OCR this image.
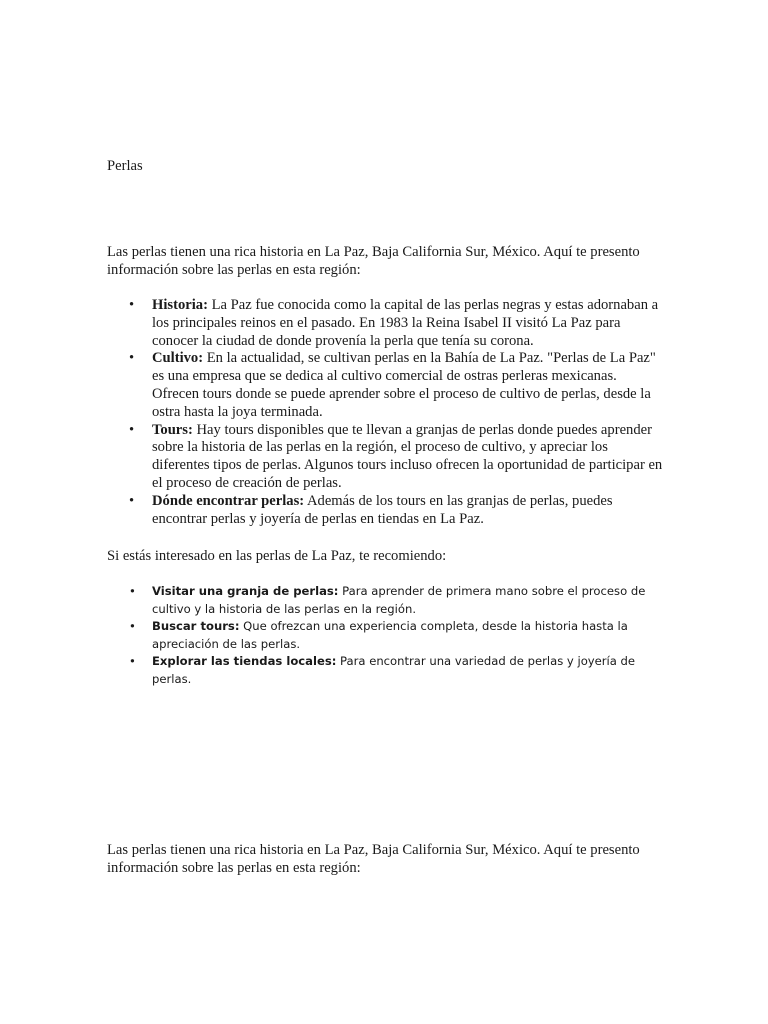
Perlas

Las perlas tienen una rica historia en La Paz, Baja California Sur, México. Aquí te presento información sobre las perlas en esta región:

• Historia: La Paz fue conocida como la capital de las perlas negras y estas adornaban a los principales reinos en el pasado. En 1983 la Reina Isabel II visitó La Paz para conocer la ciudad de donde provenía la perla que tenía su corona.
• Cultivo: En la actualidad, se cultivan perlas en la Bahía de La Paz. "Perlas de La Paz" es una empresa que se dedica al cultivo comercial de ostras perleras mexicanas. Ofrecen tours donde se puede aprender sobre el proceso de cultivo de perlas, desde la ostra hasta la joya terminada.
• Tours: Hay tours disponibles que te llevan a granjas de perlas donde puedes aprender sobre la historia de las perlas en la región, el proceso de cultivo, y apreciar los diferentes tipos de perlas. Algunos tours incluso ofrecen la oportunidad de participar en el proceso de creación de perlas.
• Dónde encontrar perlas: Además de los tours en las granjas de perlas, puedes encontrar perlas y joyería de perlas en tiendas en La Paz.

Si estás interesado en las perlas de La Paz, te recomiendo:

• Visitar una granja de perlas: Para aprender de primera mano sobre el proceso de cultivo y la historia de las perlas en la región.
• Buscar tours: Que ofrezcan una experiencia completa, desde la historia hasta la apreciación de las perlas.
• Explorar las tiendas locales: Para encontrar una variedad de perlas y joyería de perlas.

Las perlas tienen una rica historia en La Paz, Baja California Sur, México. Aquí te presento información sobre las perlas en esta región:
